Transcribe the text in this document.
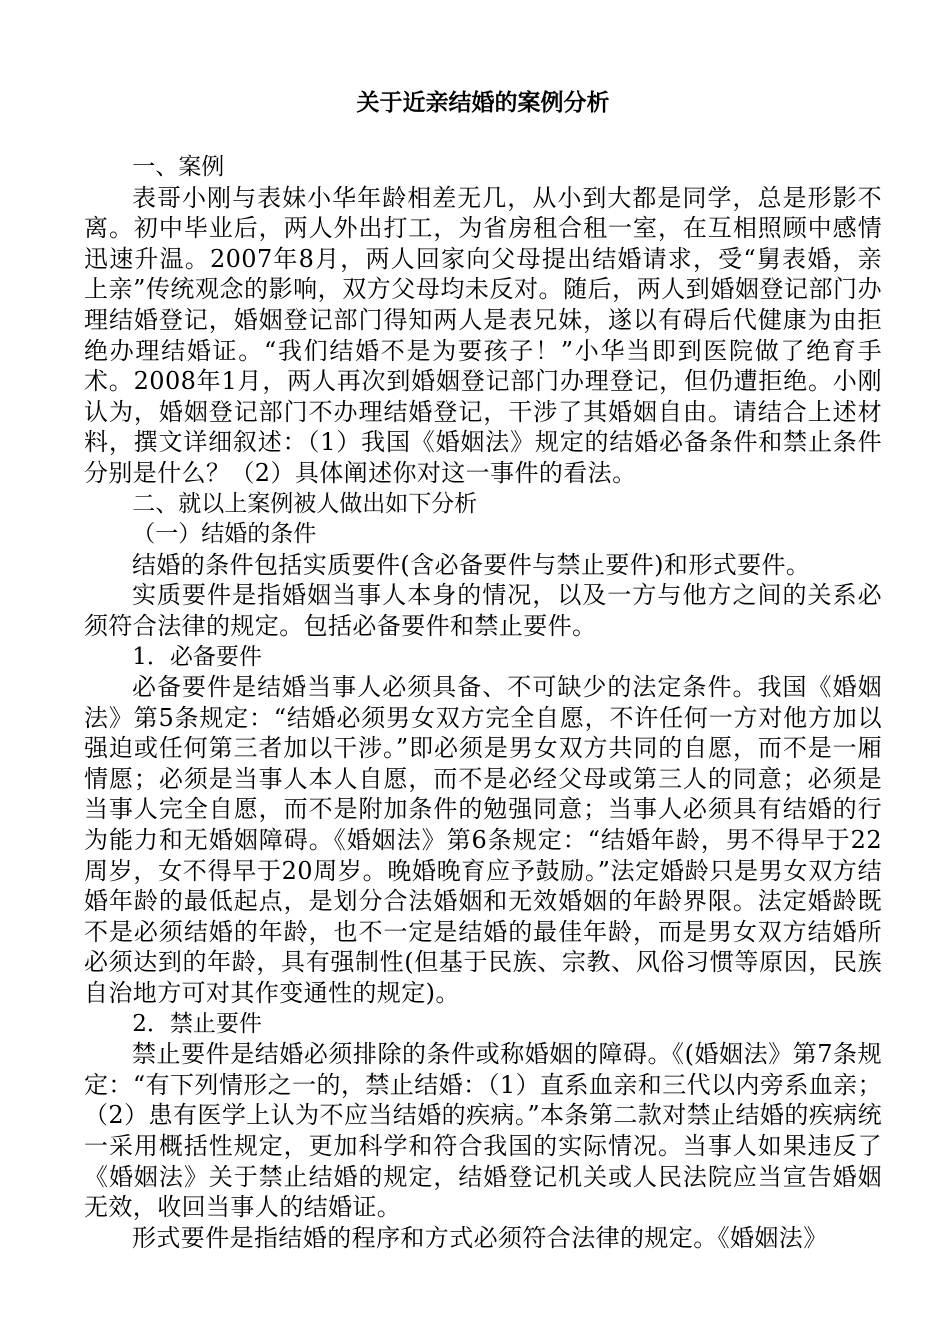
关于近亲结婚的案例分析
一、案例

表哥小刚与表妹小华年龄相差无几，从小到大都是同学，总是形影不离。初中毕业后，两人外出打工，为省房租合租一室，在互相照顾中感情迅速升温。2007年8月，两人回家向父母提出结婚请求，受“舅表婚，亲上亲”传统观念的影响，双方父母均未反对。随后，两人到婚姻登记部门办理结婚登记，婚姻登记部门得知两人是表兄妹，遂以有碍后代健康为由拒绝办理结婚证。“我们结婚不是为要孩子！”小华当即到医院做了绝育手术。2008年1月，两人再次到婚姻登记部门办理登记，但仍遭拒绝。小刚认为，婚姻登记部门不办理结婚登记，干涉了其婚姻自由。请结合上述材料，撰文详细叙述：（1）我国《婚姻法》规定的结婚必备条件和禁止条件分别是什么？（2）具体阐述你对这一事件的看法。

二、就以上案例被人做出如下分析
（一）结婚的条件

结婚的条件包括实质要件(含必备要件与禁止要件)和形式要件。

实质要件是指婚姻当事人本身的情况，以及一方与他方之间的关系必须符合法律的规定。包括必备要件和禁止要件。

1．必备要件

必备要件是结婚当事人必须具备、不可缺少的法定条件。我国《婚姻法》第5条规定：“结婚必须男女双方完全自愿，不许任何一方对他方加以强迫或任何第三者加以干涉。”即必须是男女双方共同的自愿，而不是一厢情愿；必须是当事人本人自愿，而不是必经父母或第三人的同意；必须是当事人完全自愿，而不是附加条件的勉强同意；当事人必须具有结婚的行为能力和无婚姻障碍。《婚姻法》第6条规定：“结婚年龄，男不得早于22周岁，女不得早于20周岁。晚婚晚育应予鼓励。”法定婚龄只是男女双方结婚年龄的最低起点，是划分合法婚姻和无效婚姻的年龄界限。法定婚龄既不是必须结婚的年龄，也不一定是结婚的最佳年龄，而是男女双方结婚所必须达到的年龄，具有强制性(但基于民族、宗教、风俗习惯等原因，民族自治地方可对其作变通性的规定)。

2．禁止要件

禁止要件是结婚必须排除的条件或称婚姻的障碍。《(婚姻法》第7条规定：“有下列情形之一的，禁止结婚：（1）直系血亲和三代以内旁系血亲；（2）患有医学上认为不应当结婚的疾病。”本条第二款对禁止结婚的疾病统一采用概括性规定，更加科学和符合我国的实际情况。当事人如果违反了《婚姻法》关于禁止结婚的规定，结婚登记机关或人民法院应当宣告婚姻无效，收回当事人的结婚证。

形式要件是指结婚的程序和方式必须符合法律的规定。《婚姻法》
